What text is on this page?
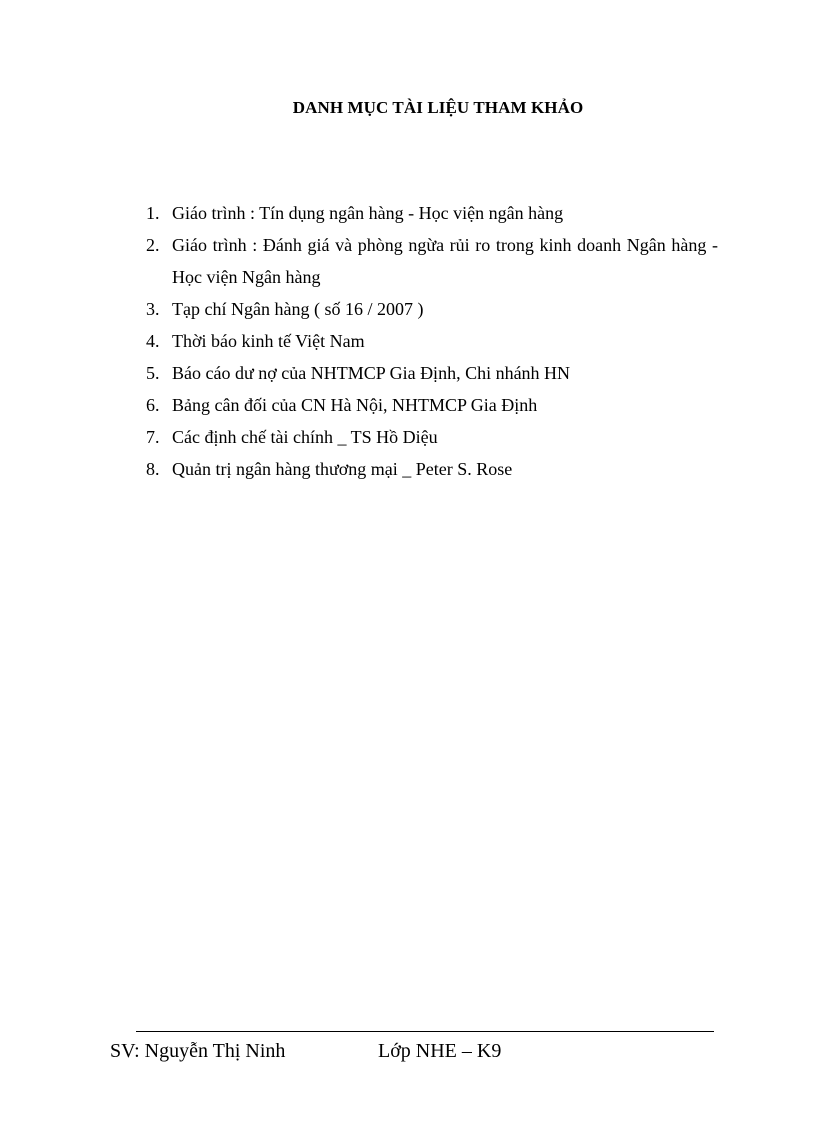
DANH MỤC TÀI LIỆU THAM KHẢO
1. Giáo trình : Tín dụng ngân hàng - Học viện ngân hàng
2. Giáo trình : Đánh giá và phòng ngừa rủi ro trong kinh doanh Ngân hàng - Học viện Ngân hàng
3. Tạp chí Ngân hàng ( số 16 / 2007 )
4. Thời báo kinh tế Việt Nam
5. Báo cáo dư nợ của NHTMCP Gia Định, Chi nhánh HN
6. Bảng cân đối của CN Hà Nội, NHTMCP Gia Định
7. Các định chế tài chính _ TS Hồ Diệu
8. Quản trị ngân hàng thương mại _ Peter S. Rose
SV: Nguyễn Thị Ninh	Lớp NHE – K9
